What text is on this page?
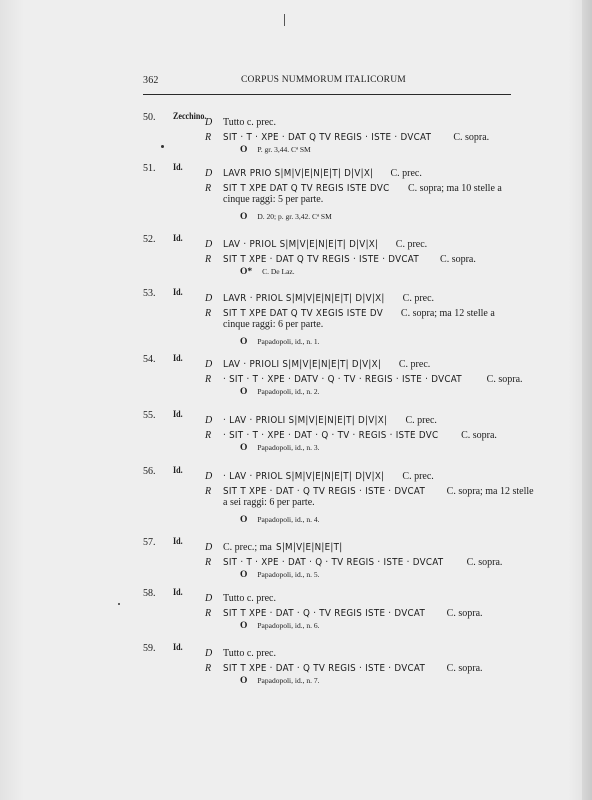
362	CORPUS NUMMORUM ITALICORUM
50. Zecchino.
D Tutto c. prec.
R SIT · T · XPE · DAT Q TV REGIS · ISTE · DVCAT C. sopra.
O P. gr. 3,44. Cª SM
51. Id. D LAVR PRIO S|M|V|E|N|E|T| D|V|X| C. prec.
R SIT T XPE DAT Q TV REGIS ISTE DVC C. sopra; ma 10 stelle a
cinque raggi: 5 per parte.
O D. 20; p. gr. 3,42. Cª SM
52. Id. D LAV · PRIOL S|M|V|E|N|E|T| D|V|X| C. prec.
R SIT T XPE · DAT Q TV REGIS · ISTE · DVCAT C. sopra.
O* C. De Laz.
53. Id. D LAVR · PRIOL S|M|V|E|N|E|T| D|V|X| C. prec.
R SIT T XPE DAT Q TV XEGIS ISTE DV C. sopra; ma 12 stelle a
cinque raggi: 6 per parte.
O Papadopoli, id., n. 1.
54. Id. D LAV · PRIOLI S|M|V|E|N|E|T| D|V|X| C. prec.
R · SIT · T · XPE · DATV · Q · TV · REGIS · ISTE · DVCAT C. sopra.
O Papadopoli, id., n. 2.
55. Id. D · LAV · PRIOLI S|M|V|E|N|E|T| D|V|X| C. prec.
R · SIT · T · XPE · DAT · Q · TV · REGIS · ISTE DVC C. sopra.
O Papadopoli, id., n. 3.
56. Id. D · LAV · PRIOL S|M|V|E|N|E|T| D|V|X| C. prec.
R SIT T XPE · DAT · Q TV REGIS · ISTE · DVCAT C. sopra; ma 12 stelle
a sei raggi: 6 per parte.
O Papadopoli, id., n. 4.
57. Id. D C. prec.; ma S|M|V|E|N|E|T|
R SIT · T · XPE · DAT · Q · TV REGIS · ISTE · DVCAT C. sopra.
O Papadopoli, id., n. 5.
58. Id. D Tutto c. prec.
R SIT T XPE · DAT · Q · TV REGIS ISTE · DVCAT C. sopra.
O Papadopoli, id., n. 6.
59. Id. D Tutto c. prec.
R SIT T XPE · DAT · Q TV REGIS · ISTE · DVCAT C. sopra.
O Papadopoli, id., n. 7.
